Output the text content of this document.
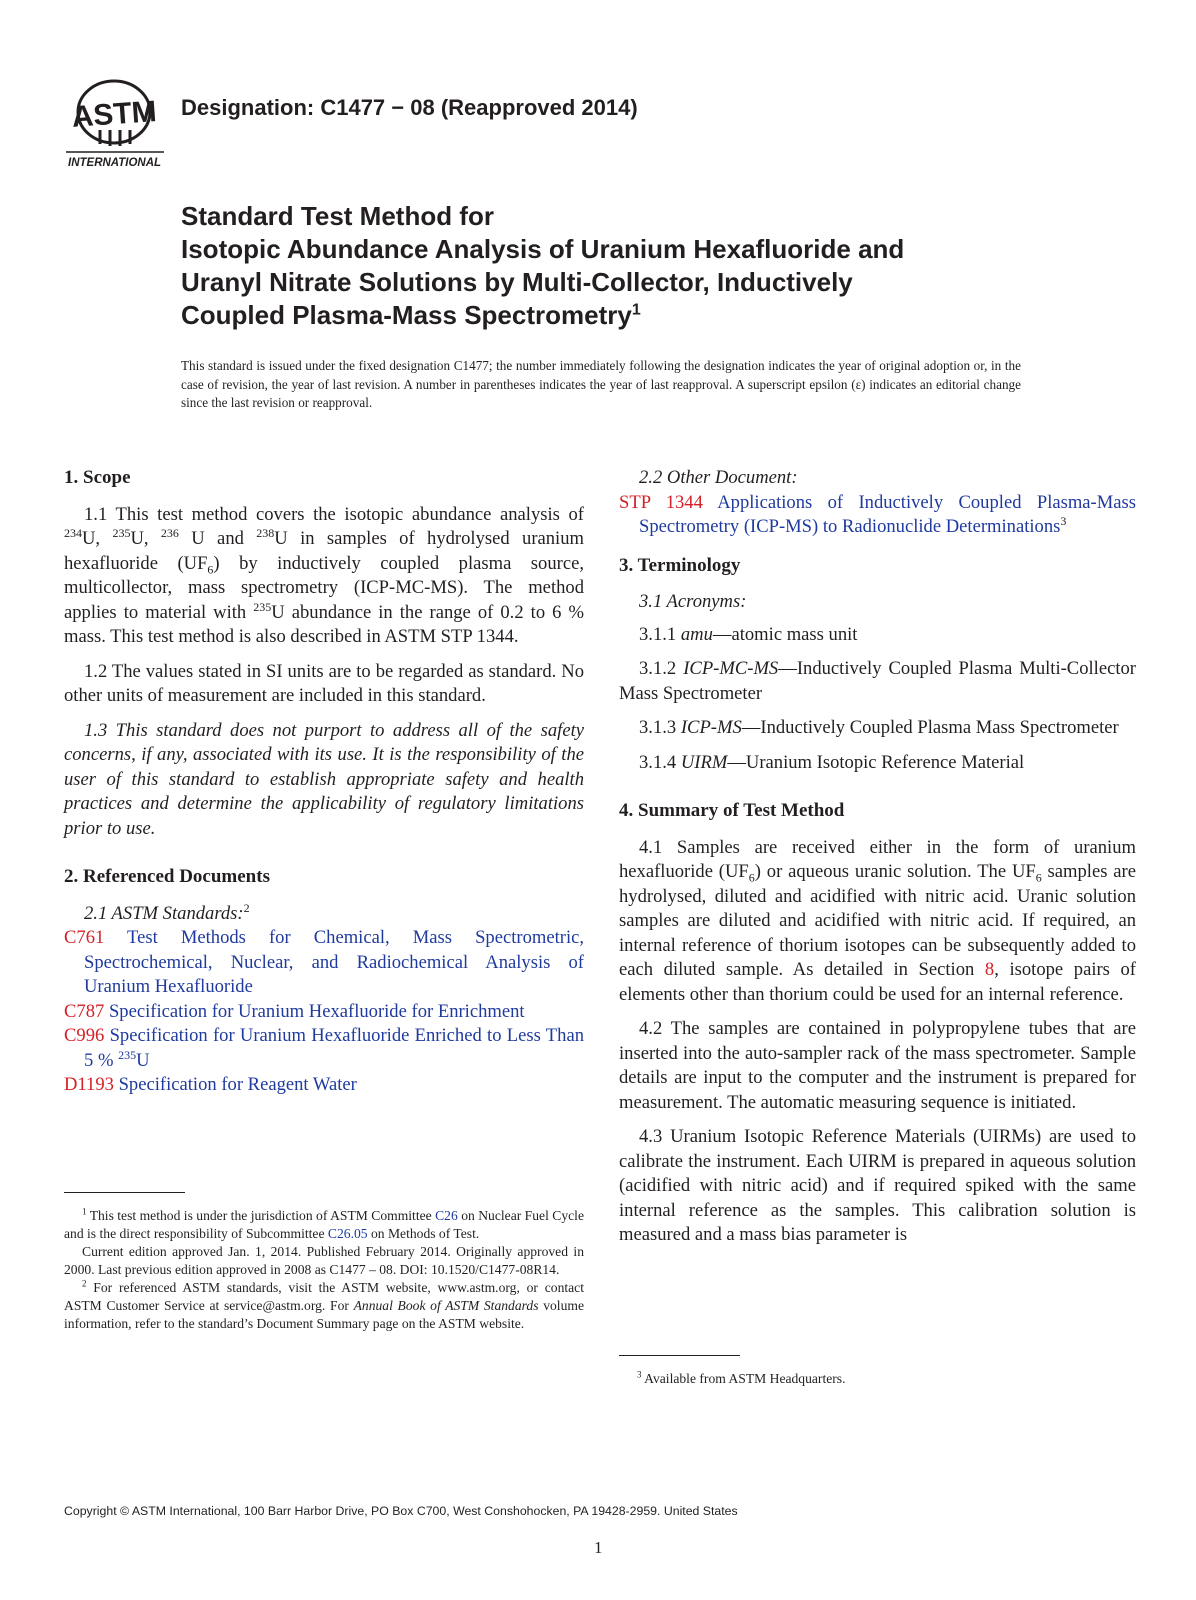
ASTM
INTERNATIONAL
Designation: C1477 − 08 (Reapproved 2014)
Standard Test Method for
Isotopic Abundance Analysis of Uranium Hexafluoride and
Uranyl Nitrate Solutions by Multi-Collector, Inductively
Coupled Plasma-Mass Spectrometry$^1$
This standard is issued under the fixed designation C1477; the number immediately following the designation indicates the year of original adoption or, in the case of revision, the year of last revision. A number in parentheses indicates the year of last reapproval. A superscript epsilon (ε) indicates an editorial change since the last revision or reapproval.
1. Scope
1.1 This test method covers the isotopic abundance analysis of $^{234}$U, $^{235}$U, $^{236}$ U and $^{238}$U in samples of hydrolysed uranium hexafluoride $(UF_6)$ by inductively coupled plasma source, multicollector, mass spectrometry (ICP-MC-MS). The method applies to material with $^{235}$U abundance in the range of 0.2 to 6 % mass. This test method is also described in ASTM STP 1344.
1.2 The values stated in SI units are to be regarded as standard. No other units of measurement are included in this standard.
1.3 This standard does not purport to address all of the safety concerns, if any, associated with its use. It is the responsibility of the user of this standard to establish appropriate safety and health practices and determine the applicability of regulatory limitations prior to use.
2. Referenced Documents
2.1 ASTM Standards:$^2$
C761 Test Methods for Chemical, Mass Spectrometric, Spectrochemical, Nuclear, and Radiochemical Analysis of Uranium Hexafluoride
C787 Specification for Uranium Hexafluoride for Enrichment
C996 Specification for Uranium Hexafluoride Enriched to Less Than 5 % $^{235}$U
D1193 Specification for Reagent Water

$^1$ This test method is under the jurisdiction of ASTM Committee C26 on Nuclear Fuel Cycle and is the direct responsibility of Subcommittee C26.05 on Methods of Test.

Current edition approved Jan. 1, 2014. Published February 2014. Originally approved in 2000. Last previous edition approved in 2008 as C1477 – 08. DOI: 10.1520/C1477-08R14.

$^2$ For referenced ASTM standards, visit the ASTM website, www.astm.org, or contact ASTM Customer Service at service@astm.org. For Annual Book of ASTM Standards volume information, refer to the standard’s Document Summary page on the ASTM website.

2.2 Other Document:
STP 1344 Applications of Inductively Coupled Plasma-Mass Spectrometry (ICP-MS) to Radionuclide Determinations$^3$
3. Terminology
3.1 Acronyms:
3.1.1 amu—atomic mass unit
3.1.2 ICP-MC-MS—Inductively Coupled Plasma Multi-Collector Mass Spectrometer
3.1.3 ICP-MS—Inductively Coupled Plasma Mass Spectrometer
3.1.4 UIRM—Uranium Isotopic Reference Material
4. Summary of Test Method
4.1 Samples are received either in the form of uranium hexafluoride $(UF_6)$ or aqueous uranic solution. The $UF_6$ samples are hydrolysed, diluted and acidified with nitric acid. Uranic solution samples are diluted and acidified with nitric acid. If required, an internal reference of thorium isotopes can be subsequently added to each diluted sample. As detailed in Section 8, isotope pairs of elements other than thorium could be used for an internal reference.
4.2 The samples are contained in polypropylene tubes that are inserted into the auto-sampler rack of the mass spectrometer. Sample details are input to the computer and the instrument is prepared for measurement. The automatic measuring sequence is initiated.
4.3 Uranium Isotopic Reference Materials (UIRMs) are used to calibrate the instrument. Each UIRM is prepared in aqueous solution (acidified with nitric acid) and if required spiked with the same internal reference as the samples. This calibration solution is measured and a mass bias parameter is

$^3$ Available from ASTM Headquarters.

Copyright © ASTM International, 100 Barr Harbor Drive, PO Box C700, West Conshohocken, PA 19428-2959. United States
1
